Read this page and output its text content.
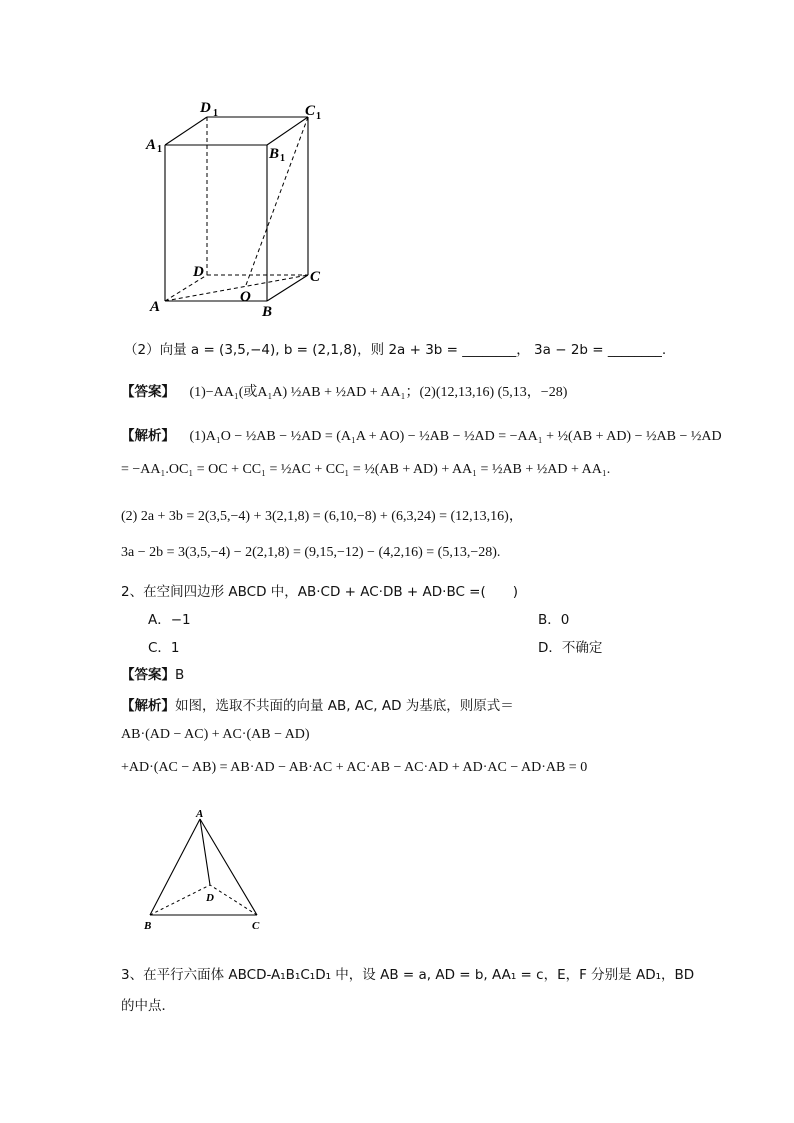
D 1	C 1
A 1	B 1
D	C
O
A	B
（2）向量 a = (3,5,−4), b = (2,1,8)，则 2a + 3b = ________， 3a − 2b = ________.
【答案】 (1)−AA₁(或A₁A) ½AB + ½AD + AA₁；(2)(12,13,16) (5,13，−28)
【解析】 (1)A₁O − ½AB − ½AD = (A₁A + AO) − ½AB − ½AD = −AA₁ + ½(AB + AD) − ½AB − ½AD
= −AA₁.OC₁ = OC + CC₁ = ½AC + CC₁ = ½(AB + AD) + AA₁ = ½AB + ½AD + AA₁.
(2) 2a + 3b = 2(3,5,−4) + 3(2,1,8) = (6,10,−8) + (6,3,24) = (12,13,16)，
3a − 2b = 3(3,5,−4) − 2(2,1,8) = (9,15,−12) − (4,2,16) = (5,13,−28).
2、在空间四边形 ABCD 中，AB·CD + AC·DB + AD·BC =(　　)
A．−1	B．0
C．1	D．不确定
【答案】B
【解析】如图，选取不共面的向量 AB, AC, AD 为基底，则原式＝
AB·(AD − AC) + AC·(AB − AD)
+AD·(AC − AB) = AB·AD − AB·AC + AC·AB − AC·AD + AD·AC − AD·AB = 0
A
D
B	C
3、在平行六面体 ABCD-A₁B₁C₁D₁ 中，设 AB = a, AD = b, AA₁ = c，E，F 分别是 AD₁，BD
的中点．
